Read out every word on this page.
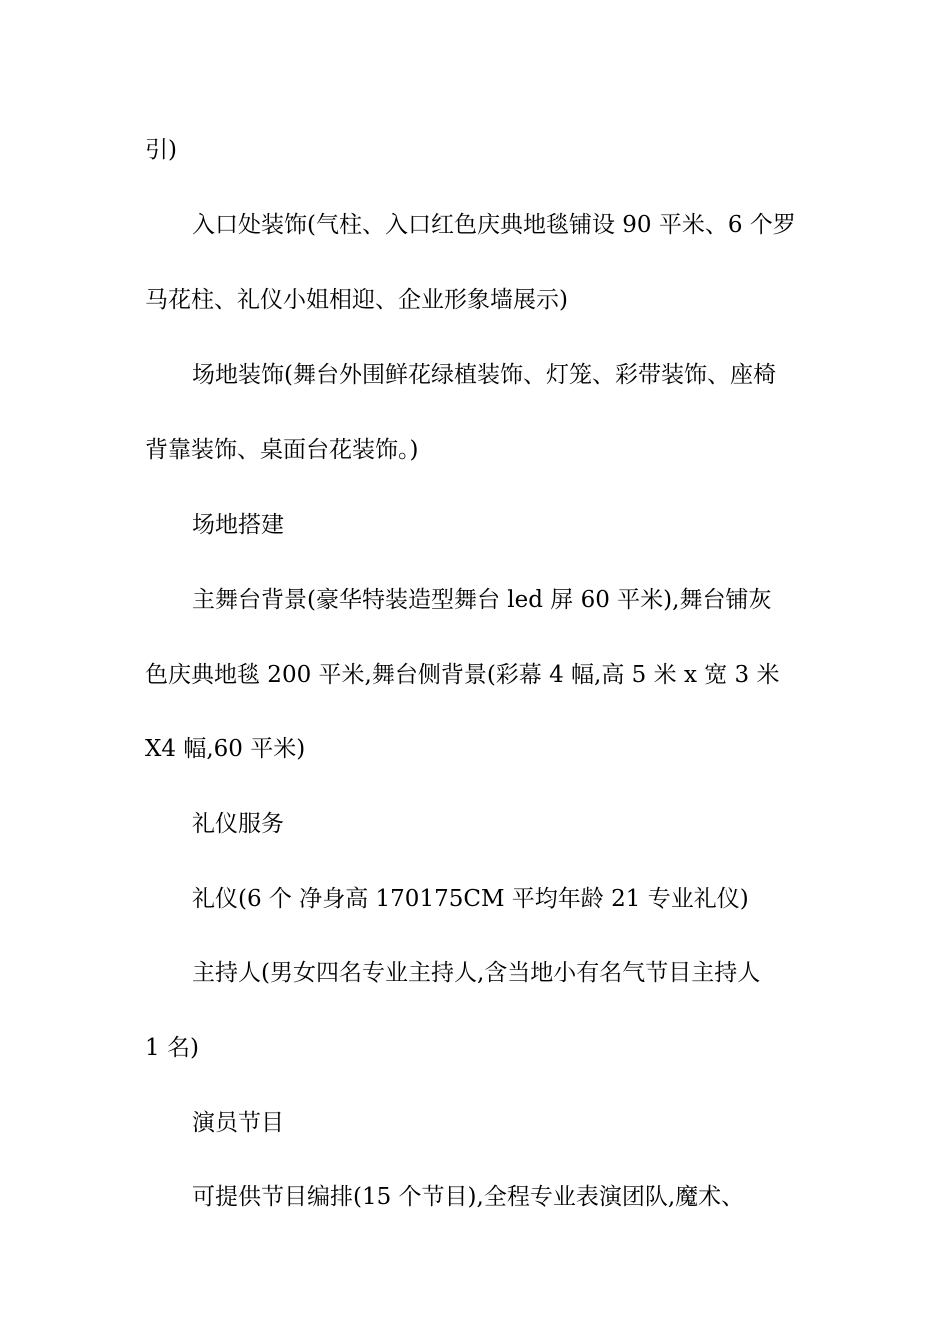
引)
入口处装饰(气柱、入口红色庆典地毯铺设 90 平米、6 个罗
马花柱、礼仪小姐相迎、企业形象墙展示)
场地装饰(舞台外围鲜花绿植装饰、灯笼、彩带装饰、座椅
背靠装饰、桌面台花装饰。)
场地搭建
主舞台背景(豪华特装造型舞台 led 屏 60 平米),舞台铺灰
色庆典地毯 200 平米,舞台侧背景(彩幕 4 幅,高 5 米 x 宽 3 米
X4 幅,60 平米)
礼仪服务
礼仪(6 个 净身高 170175CM 平均年龄 21 专业礼仪)
主持人(男女四名专业主持人,含当地小有名气节目主持人
1 名)
演员节目
可提供节目编排(15 个节目),全程专业表演团队,魔术、
